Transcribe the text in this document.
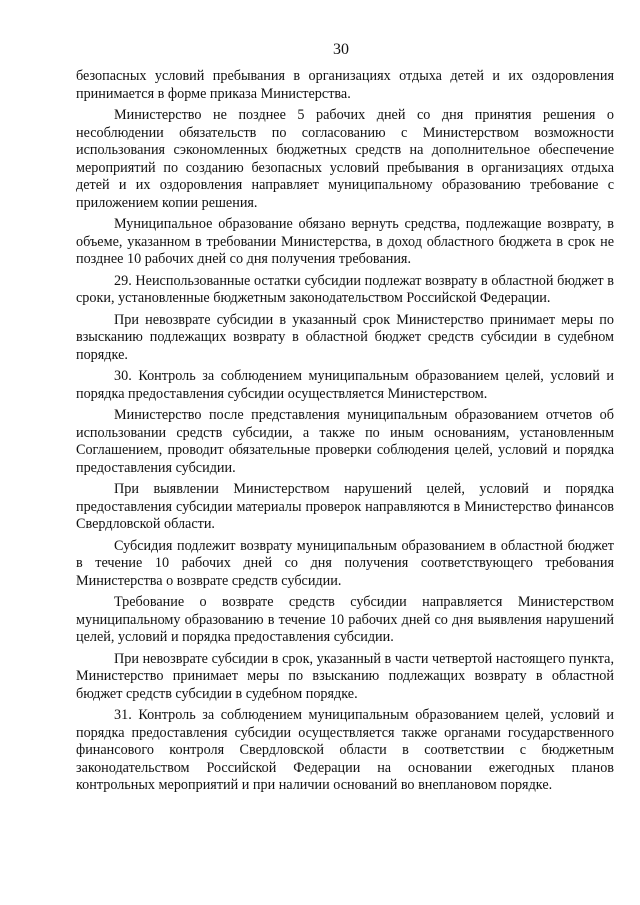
30

безопасных условий пребывания в организациях отдыха детей и их оздоровления принимается в форме приказа Министерства.

Министерство не позднее 5 рабочих дней со дня принятия решения о несоблюдении обязательств по согласованию с Министерством возможности использования сэкономленных бюджетных средств на дополнительное обеспечение мероприятий по созданию безопасных условий пребывания в организациях отдыха детей и их оздоровления направляет муниципальному образованию требование с приложением копии решения.

Муниципальное образование обязано вернуть средства, подлежащие возврату, в объеме, указанном в требовании Министерства, в доход областного бюджета в срок не позднее 10 рабочих дней со дня получения требования.

29. Неиспользованные остатки субсидии подлежат возврату в областной бюджет в сроки, установленные бюджетным законодательством Российской Федерации.

При невозврате субсидии в указанный срок Министерство принимает меры по взысканию подлежащих возврату в областной бюджет средств субсидии в судебном порядке.

30. Контроль за соблюдением муниципальным образованием целей, условий и порядка предоставления субсидии осуществляется Министерством.

Министерство после представления муниципальным образованием отчетов об использовании средств субсидии, а также по иным основаниям, установленным Соглашением, проводит обязательные проверки соблюдения целей, условий и порядка предоставления субсидии.

При выявлении Министерством нарушений целей, условий и порядка предоставления субсидии материалы проверок направляются в Министерство финансов Свердловской области.

Субсидия подлежит возврату муниципальным образованием в областной бюджет в течение 10 рабочих дней со дня получения соответствующего требования Министерства о возврате средств субсидии.

Требование о возврате средств субсидии направляется Министерством муниципальному образованию в течение 10 рабочих дней со дня выявления нарушений целей, условий и порядка предоставления субсидии.

При невозврате субсидии в срок, указанный в части четвертой настоящего пункта, Министерство принимает меры по взысканию подлежащих возврату в областной бюджет средств субсидии в судебном порядке.

31. Контроль за соблюдением муниципальным образованием целей, условий и порядка предоставления субсидии осуществляется также органами государственного финансового контроля Свердловской области в соответствии с бюджетным законодательством Российской Федерации на основании ежегодных планов контрольных мероприятий и при наличии оснований во внеплановом порядке.
